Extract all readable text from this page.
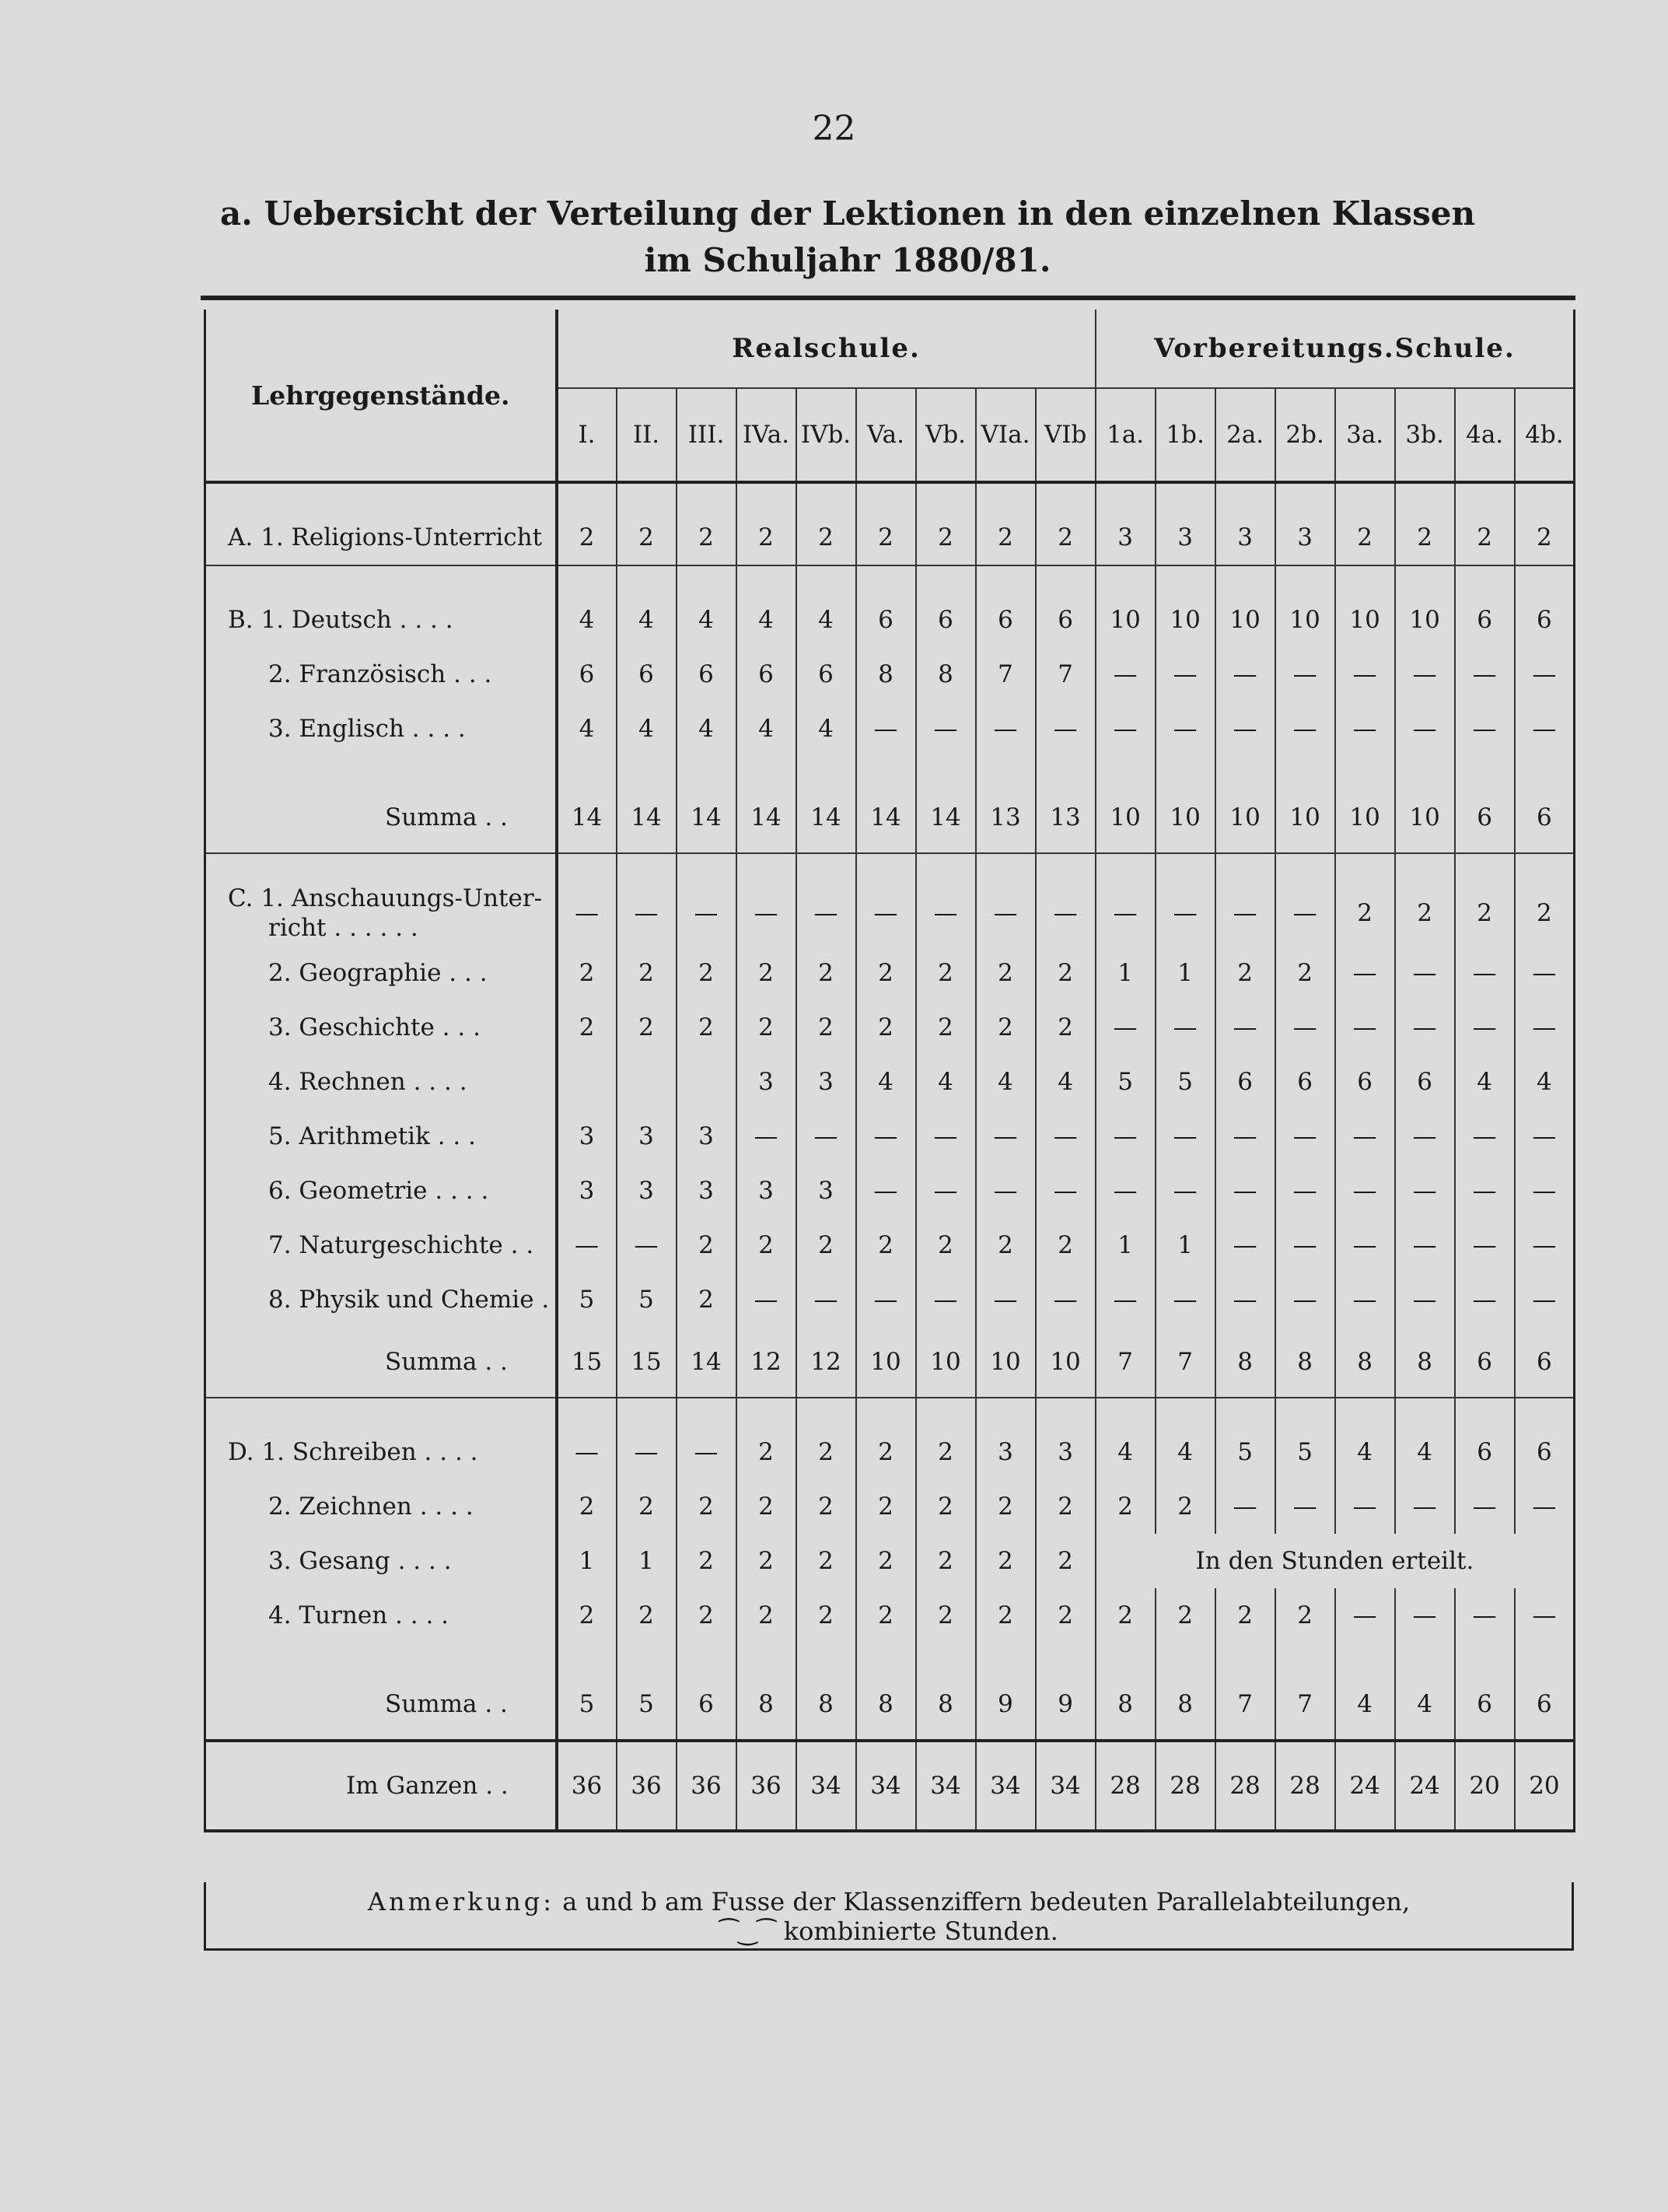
22
a. Uebersicht der Verteilung der Lektionen in den einzelnen Klassen
im Schuljahr 1880/81.
Lehrgegenstände.	Realschule.									Vorbereitungs.Schule.							
	I.	II.	III.	IVa.	IVb.	Va.	Vb.	VIa.	VIb	1a.	1b.	2a.	2b.	3a.	3b.	4a.	4b.

A. 1. Religions-Unterricht	2	2	2	2	2	2	2	2	2	3	3	3	3	2	2	2	2

B. 1. Deutsch . . . .	4	4	4	4	4	6	6	6	6	10	10	10	10	10	10	6	6
2. Französisch . . .	6	6	6	6	6	8	8	7	7	—	—	—	—	—	—	—	—
3. Englisch . . . .	4	4	4	4	4	—	—	—	—	—	—	—	—	—	—	—	—

Summa . .	14	14	14	14	14	14	14	13	13	10	10	10	10	10	10	6	6

C. 1. Anschauungs-Unter-
richt . . . . . .	—	—	—	—	—	—	—	—	—	—	—	—	—	2	2	2	2
2. Geographie . . .	2	2	2	2	2	2	2	2	2	1	1	2	2	—	—	—	—
3. Geschichte . . .	2	2	2	2	2	2	2	2	2	—	—	—	—	—	—	—	—
4. Rechnen . . . .				3	3	4	4	4	4	5	5	6	6	6	6	4	4
5. Arithmetik . . .	3	3	3	—	—	—	—	—	—	—	—	—	—	—	—	—	—
6. Geometrie . . . .	3	3	3	3	3	—	—	—	—	—	—	—	—	—	—	—	—
7. Naturgeschichte . .	—	—	2	2	2	2	2	2	2	1	1	—	—	—	—	—	—
8. Physik und Chemie .	5	5	2	—	—	—	—	—	—	—	—	—	—	—	—	—	—
Summa . .	15	15	14	12	12	10	10	10	10	7	7	8	8	8	8	6	6

D. 1. Schreiben . . . .	—	—	—	2	2	2	2	3	3	4	4	5	5	4	4	6	6
2. Zeichnen . . . .	2	2	2	2	2	2	2	2	2	2	2	—	—	—	—	—	—
3. Gesang . . . .	1	1	2	2	2	2	2	2	2	In den Stunden erteilt.							
4. Turnen . . . .	2	2	2	2	2	2	2	2	2	2	2	2	2	—	—	—	—

Summa . .	5	5	6	8	8	8	8	9	9	8	8	7	7	4	4	6	6
Im Ganzen . .	36	36	36	36	34	34	34	34	34	28	28	28	28	24	24	20	20
Anmerkung: a und b am Fusse der Klassenziffern bedeuten Parallelabteilungen,
⁀‿⁀ kombinierte Stunden.
